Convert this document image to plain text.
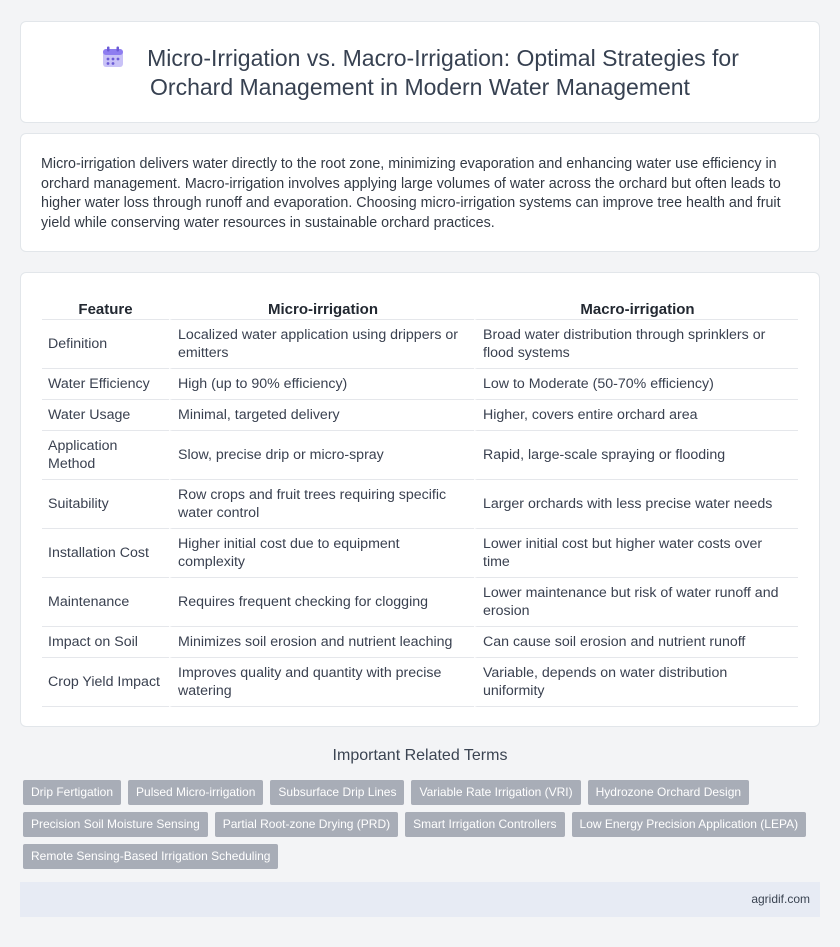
Micro-Irrigation vs. Macro-Irrigation: Optimal Strategies for
Orchard Management in Modern Water Management

Micro-irrigation delivers water directly to the root zone, minimizing evaporation and enhancing water use efficiency in orchard management. Macro-irrigation involves applying large volumes of water across the orchard but often leads to higher water loss through runoff and evaporation. Choosing micro-irrigation systems can improve tree health and fruit yield while conserving water resources in sustainable orchard practices.

Feature	Micro-irrigation	Macro-irrigation
Definition	Localized water application using drippers or emitters	Broad water distribution through sprinklers or flood systems
Water Efficiency	High (up to 90% efficiency)	Low to Moderate (50-70% efficiency)
Water Usage	Minimal, targeted delivery	Higher, covers entire orchard area
Application Method	Slow, precise drip or micro-spray	Rapid, large-scale spraying or flooding
Suitability	Row crops and fruit trees requiring specific water control	Larger orchards with less precise water needs
Installation Cost	Higher initial cost due to equipment complexity	Lower initial cost but higher water costs over time
Maintenance	Requires frequent checking for clogging	Lower maintenance but risk of water runoff and erosion
Impact on Soil	Minimizes soil erosion and nutrient leaching	Can cause soil erosion and nutrient runoff
Crop Yield Impact	Improves quality and quantity with precise watering	Variable, depends on water distribution uniformity
Important Related Terms
Drip Fertigation	Pulsed Micro-irrigation	Subsurface Drip Lines	Variable Rate Irrigation (VRI)	Hydrozone Orchard Design
Precision Soil Moisture Sensing	Partial Root-zone Drying (PRD)	Smart Irrigation Controllers	Low Energy Precision Application (LEPA)
Remote Sensing-Based Irrigation Scheduling
agridif.com
